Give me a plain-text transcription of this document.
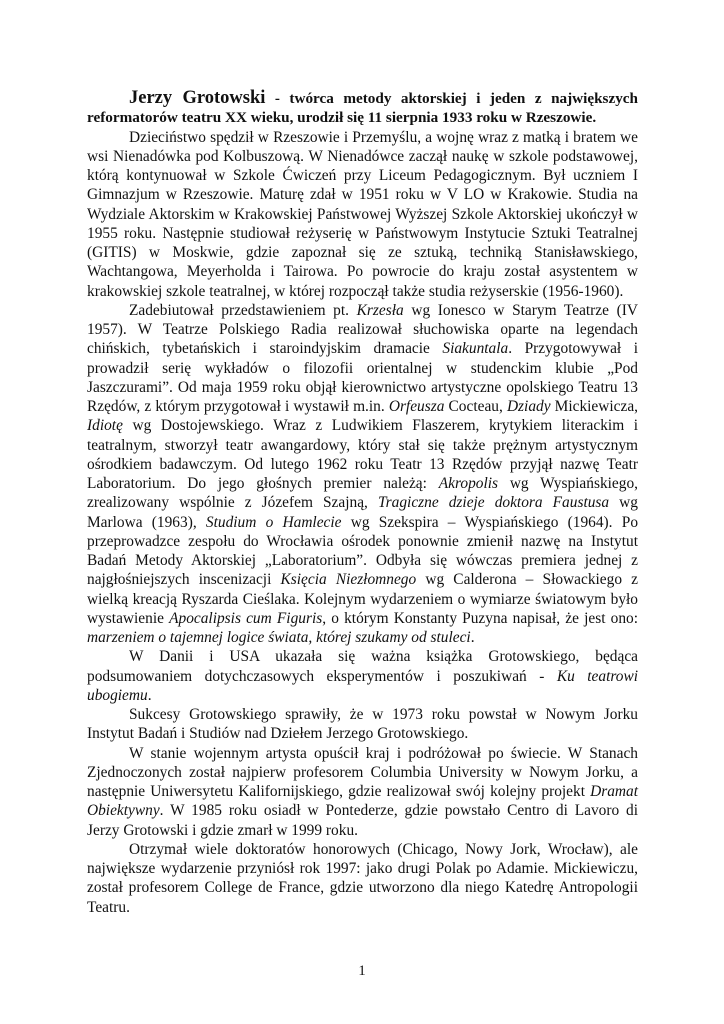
Jerzy Grotowski - twórca metody aktorskiej i jeden z największych reformatorów teatru XX wieku, urodził się 11 sierpnia 1933 roku w Rzeszowie.

Dzieciństwo spędził w Rzeszowie i Przemyślu, a wojnę wraz z matką i bratem we wsi Nienadówka pod Kolbuszową. W Nienadówce zaczął naukę w szkole podstawowej, którą kontynuował w Szkole Ćwiczeń przy Liceum Pedagogicznym. Był uczniem I Gimnazjum w Rzeszowie. Maturę zdał w 1951 roku w V LO w Krakowie. Studia na Wydziale Aktorskim w Krakowskiej Państwowej Wyższej Szkole Aktorskiej ukończył w 1955 roku. Następnie studiował reżyserię w Państwowym Instytucie Sztuki Teatralnej (GITIS) w Moskwie, gdzie zapoznał się ze sztuką, techniką Stanisławskiego, Wachtangowa, Meyerholda i Tairowa. Po powrocie do kraju został asystentem w krakowskiej szkole teatralnej, w której rozpoczął także studia reżyserskie (1956-1960).

Zadebiutował przedstawieniem pt. Krzesła wg Ionesco w Starym Teatrze (IV 1957). W Teatrze Polskiego Radia realizował słuchowiska oparte na legendach chińskich, tybetańskich i staroindyjskim dramacie Siakuntala. Przygotowywał i prowadził serię wykładów o filozofii orientalnej w studenckim klubie „Pod Jaszczurami”. Od maja 1959 roku objął kierownictwo artystyczne opolskiego Teatru 13 Rzędów, z którym przygotował i wystawił m.in. Orfeusza Cocteau, Dziady Mickiewicza, Idiotę wg Dostojewskiego. Wraz z Ludwikiem Flaszerem, krytykiem literackim i teatralnym, stworzył teatr awangardowy, który stał się także prężnym artystycznym ośrodkiem badawczym. Od lutego 1962 roku Teatr 13 Rzędów przyjął nazwę Teatr Laboratorium. Do jego głośnych premier należą: Akropolis wg Wyspiańskiego, zrealizowany wspólnie z Józefem Szajną, Tragiczne dzieje doktora Faustusa wg Marlowa (1963), Studium o Hamlecie wg Szekspira – Wyspiańskiego (1964). Po przeprowadzce zespołu do Wrocławia ośrodek ponownie zmienił nazwę na Instytut Badań Metody Aktorskiej „Laboratorium”. Odbyła się wówczas premiera jednej z najgłośniejszych inscenizacji Księcia Niezłomnego wg Calderona – Słowackiego z wielką kreacją Ryszarda Cieślaka. Kolejnym wydarzeniem o wymiarze światowym było wystawienie Apocalipsis cum Figuris, o którym Konstanty Puzyna napisał, że jest ono: marzeniem o tajemnej logice świata, której szukamy od stuleci.

W Danii i USA ukazała się ważna książka Grotowskiego, będąca podsumowaniem dotychczasowych eksperymentów i poszukiwań - Ku teatrowi ubogiemu.

Sukcesy Grotowskiego sprawiły, że w 1973 roku powstał w Nowym Jorku Instytut Badań i Studiów nad Dziełem Jerzego Grotowskiego.

W stanie wojennym artysta opuścił kraj i podróżował po świecie. W Stanach Zjednoczonych został najpierw profesorem Columbia University w Nowym Jorku, a następnie Uniwersytetu Kalifornijskiego, gdzie realizował swój kolejny projekt Dramat Obiektywny. W 1985 roku osiadł w Pontederze, gdzie powstało Centro di Lavoro di Jerzy Grotowski i gdzie zmarł w 1999 roku.

Otrzymał wiele doktoratów honorowych (Chicago, Nowy Jork, Wrocław), ale największe wydarzenie przyniósł rok 1997: jako drugi Polak po Adamie. Mickiewiczu, został profesorem College de France, gdzie utworzono dla niego Katedrę Antropologii Teatru.

1
